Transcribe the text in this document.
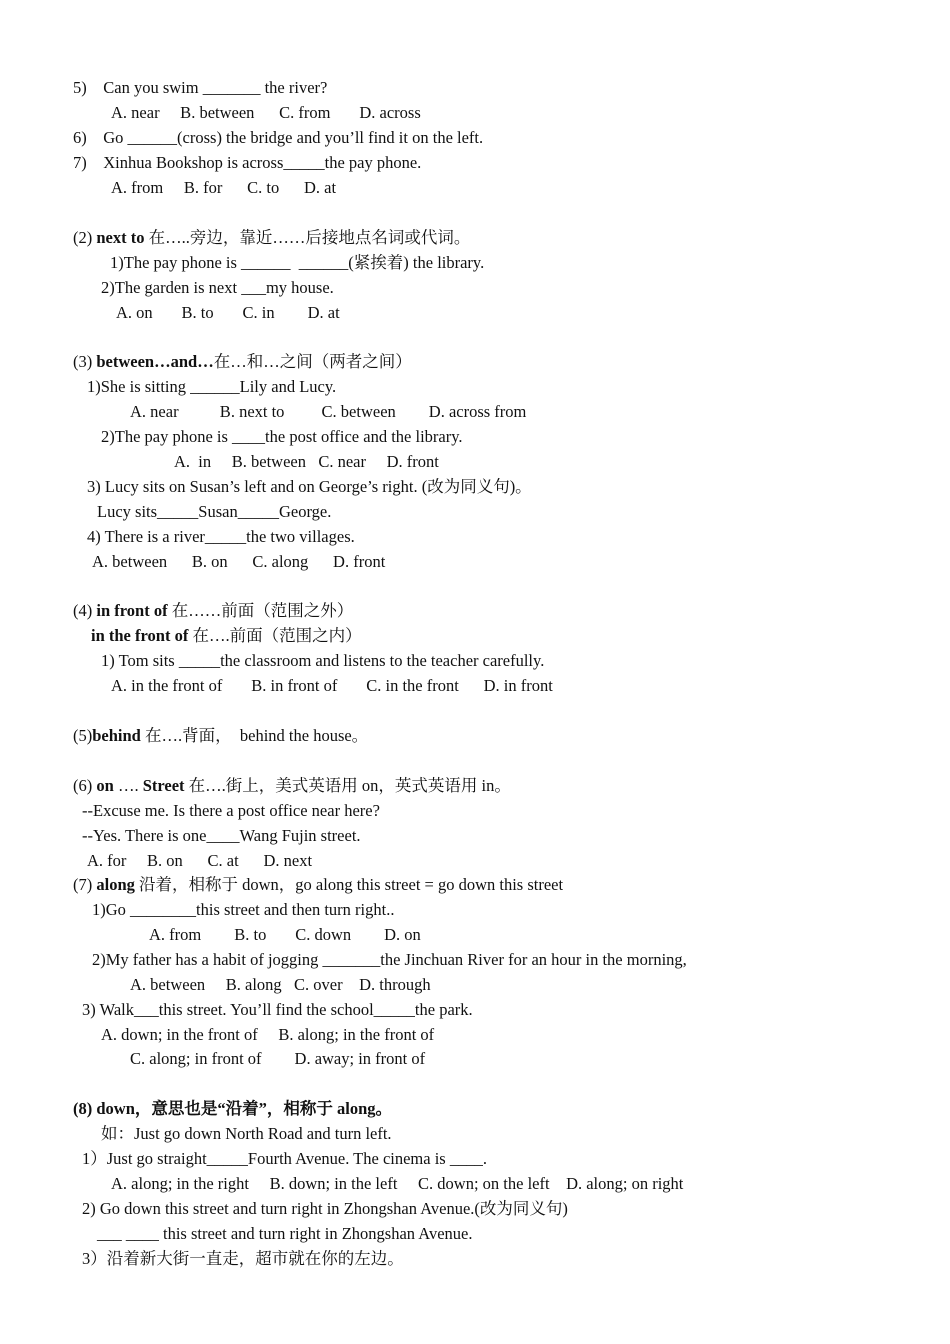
5)　Can you swim _______ the river?
A. near     B. between      C. from       D. across
6)　Go ______(cross) the bridge and you’ll find it on the left.
7)　Xinhua Bookshop is across_____the pay phone.
A. from     B. for      C. to      D. at
(2) next to 在…..旁边，靠近……后接地点名词或代词。
1)The pay phone is ______  ______(紧挨着) the library.
2)The garden is next ___my house.
A. on       B. to       C. in        D. at
(3) between…and…在…和…之间（两者之间）
1)She is sitting ______Lily and Lucy.
A. near          B. next to         C. between        D. across from
2)The pay phone is ____the post office and the library.
A.  in     B. between   C. near     D. front
3) Lucy sits on Susan’s left and on George’s right. (改为同义句)。
Lucy sits_____Susan_____George.
4) There is a river_____the two villages.
A. between      B. on      C. along      D. front
(4) in front of 在……前面（范围之外）
in the front of 在….前面（范围之内）
1) Tom sits _____the classroom and listens to the teacher carefully.
A. in the front of       B. in front of       C. in the front      D. in front
(5)behind 在….背面，  behind the house。
(6) on …. Street 在….街上，美式英语用 on，英式英语用 in。
--Excuse me. Is there a post office near here?
--Yes. There is one____Wang Fujin street.
A. for     B. on      C. at      D. next
(7) along 沿着，相称于 down，go along this street = go down this street
1)Go ________this street and then turn right..
A. from        B. to       C. down        D. on
2)My father has a habit of jogging _______the Jinchuan River for an hour in the morning,
A. between     B. along   C. over    D. through
3) Walk___this street. You’ll find the school_____the park.
A. down; in the front of     B. along; in the front of
C. along; in front of        D. away; in front of
(8) down，意思也是“沿着”，相称于 along。
如：Just go down North Road and turn left.
1）Just go straight_____Fourth Avenue. The cinema is ____.
A. along; in the right     B. down; in the left     C. down; on the left    D. along; on right
2) Go down this street and turn right in Zhongshan Avenue.(改为同义句)
___ ____ this street and turn right in Zhongshan Avenue.
3）沿着新大街一直走，超市就在你的左边。
